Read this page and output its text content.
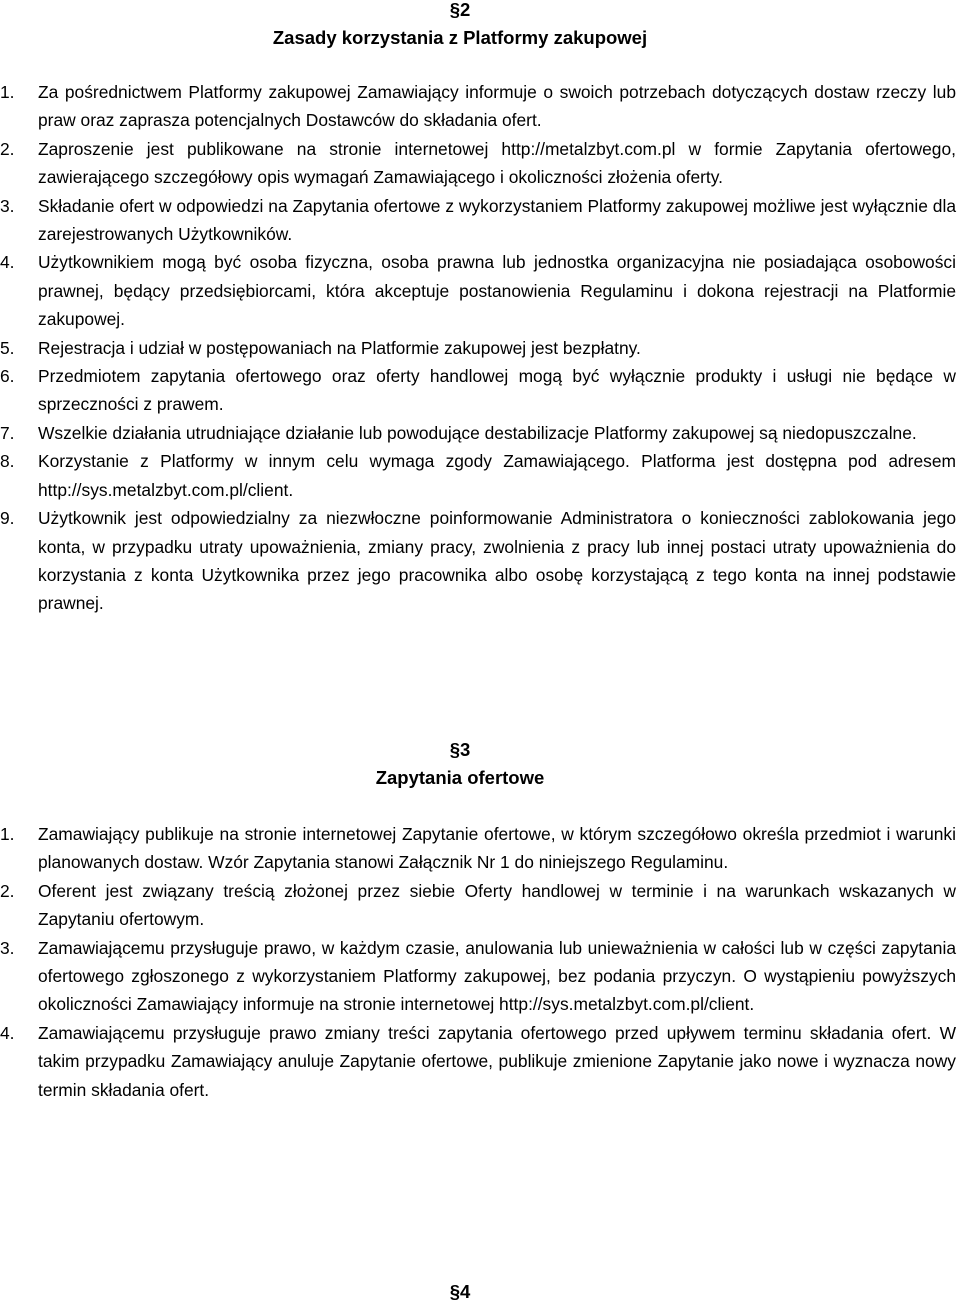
§2
Zasady korzystania z Platformy zakupowej
1. Za pośrednictwem Platformy zakupowej Zamawiający informuje o swoich potrzebach dotyczących dostaw rzeczy lub praw oraz zaprasza potencjalnych Dostawców do składania ofert.
2. Zaproszenie jest publikowane na stronie internetowej http://metalzbyt.com.pl w formie Zapytania ofertowego, zawierającego szczegółowy opis wymagań Zamawiającego i okoliczności złożenia oferty.
3. Składanie ofert w odpowiedzi na Zapytania ofertowe z wykorzystaniem Platformy zakupowej możliwe jest wyłącznie dla zarejestrowanych Użytkowników.
4. Użytkownikiem mogą być osoba fizyczna, osoba prawna lub jednostka organizacyjna nie posiadająca osobowości prawnej, będący przedsiębiorcami, która akceptuje postanowienia Regulaminu i dokona rejestracji na Platformie zakupowej.
5. Rejestracja i udział w postępowaniach na Platformie zakupowej jest bezpłatny.
6. Przedmiotem zapytania ofertowego oraz oferty handlowej mogą być wyłącznie produkty i usługi nie będące w sprzeczności z prawem.
7. Wszelkie działania utrudniające działanie lub powodujące destabilizacje Platformy zakupowej są niedopuszczalne.
8. Korzystanie z Platformy w innym celu wymaga zgody Zamawiającego. Platforma jest dostępna pod adresem http://sys.metalzbyt.com.pl/client.
9. Użytkownik jest odpowiedzialny za niezwłoczne poinformowanie Administratora o konieczności zablokowania jego konta, w przypadku utraty upoważnienia, zmiany pracy, zwolnienia z pracy lub innej postaci utraty upoważnienia do korzystania z konta Użytkownika przez jego pracownika albo osobę korzystającą z tego konta na innej podstawie prawnej.
§3
Zapytania ofertowe
1. Zamawiający publikuje na stronie internetowej Zapytanie ofertowe, w którym szczegółowo określa przedmiot i warunki planowanych dostaw. Wzór Zapytania stanowi Załącznik Nr 1 do niniejszego Regulaminu.
2. Oferent jest związany treścią złożonej przez siebie Oferty handlowej w terminie i na warunkach wskazanych w Zapytaniu ofertowym.
3. Zamawiającemu przysługuje prawo, w każdym czasie, anulowania lub unieważnienia w całości lub w części zapytania ofertowego zgłoszonego z wykorzystaniem Platformy zakupowej, bez podania przyczyn. O wystąpieniu powyższych okoliczności Zamawiający informuje na stronie internetowej http://sys.metalzbyt.com.pl/client.
4. Zamawiającemu przysługuje prawo zmiany treści zapytania ofertowego przed upływem terminu składania ofert. W takim przypadku Zamawiający anuluje Zapytanie ofertowe, publikuje zmienione Zapytanie jako nowe i wyznacza nowy termin składania ofert.
§4
